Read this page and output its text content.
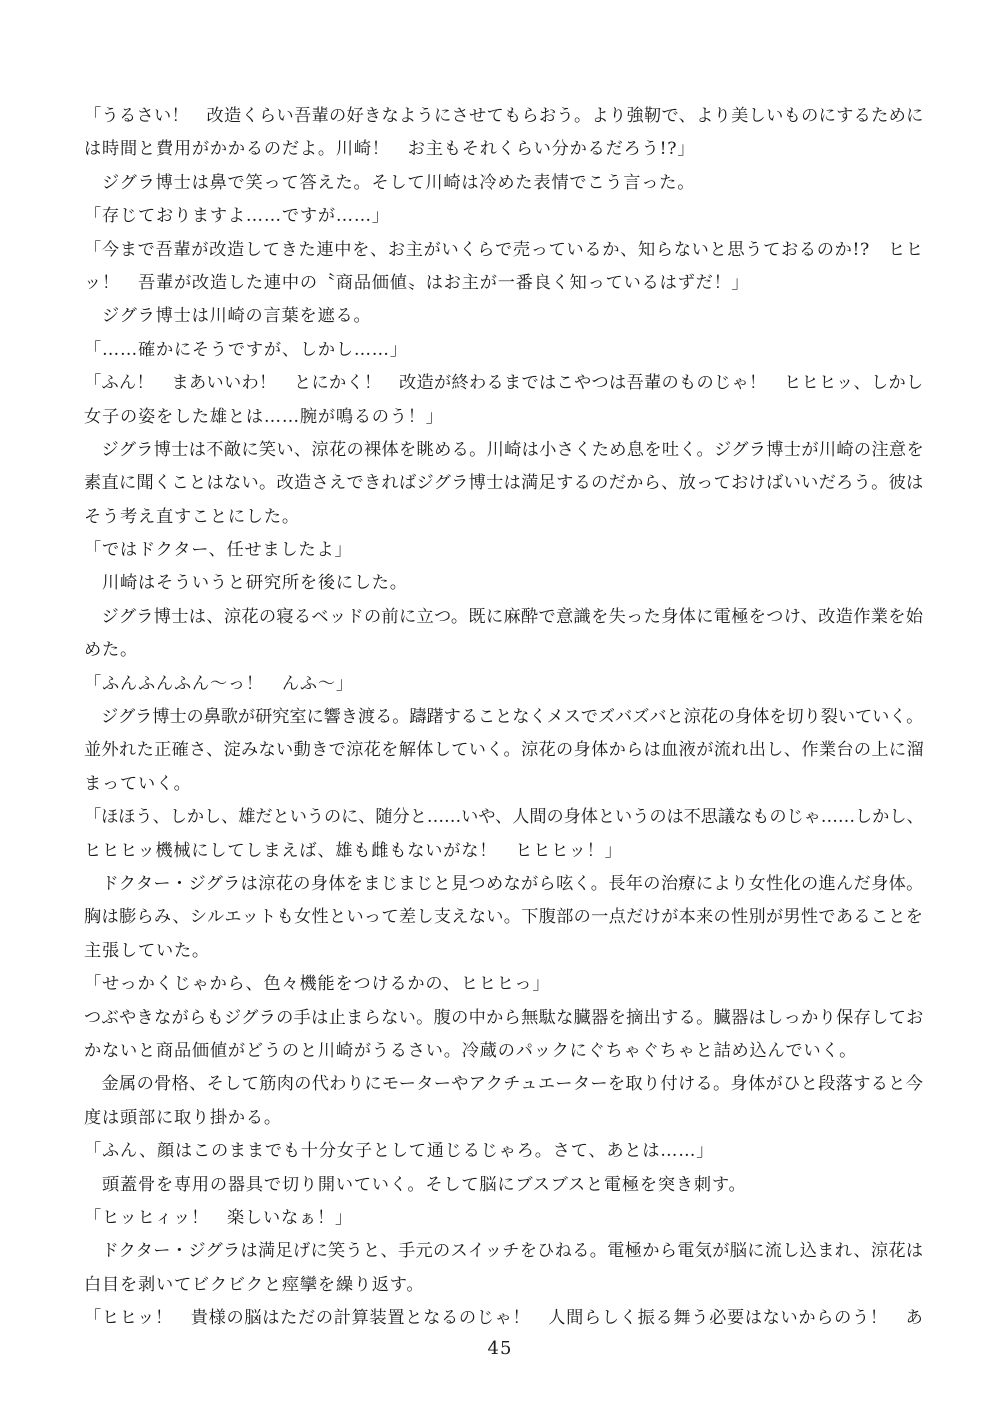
「うるさい！　改造くらい吾輩の好きなようにさせてもらおう。より強靭で、より美しいものにするために
は時間と費用がかかるのだよ。川崎！　お主もそれくらい分かるだろう!?」
　ジグラ博士は鼻で笑って答えた。そして川崎は冷めた表情でこう言った。
「存じておりますよ……ですが……」
「今まで吾輩が改造してきた連中を、お主がいくらで売っているか、知らないと思うておるのか!?　ヒヒ
ッ！　吾輩が改造した連中の〝商品価値〟はお主が一番良く知っているはずだ！」
　ジグラ博士は川崎の言葉を遮る。
「……確かにそうですが、しかし……」
「ふん！　まあいいわ！　とにかく！　改造が終わるまではこやつは吾輩のものじゃ！　ヒヒヒッ、しかし
女子の姿をした雄とは……腕が鳴るのう！」
　ジグラ博士は不敵に笑い、涼花の裸体を眺める。川崎は小さくため息を吐く。ジグラ博士が川崎の注意を
素直に聞くことはない。改造さえできればジグラ博士は満足するのだから、放っておけばいいだろう。彼は
そう考え直すことにした。
「ではドクター、任せましたよ」
　川崎はそういうと研究所を後にした。
　ジグラ博士は、涼花の寝るベッドの前に立つ。既に麻酔で意識を失った身体に電極をつけ、改造作業を始
めた。
「ふんふんふん〜っ！　んふ〜」
　ジグラ博士の鼻歌が研究室に響き渡る。躊躇することなくメスでズバズバと涼花の身体を切り裂いていく。
並外れた正確さ、淀みない動きで涼花を解体していく。涼花の身体からは血液が流れ出し、作業台の上に溜
まっていく。
「ほほう、しかし、雄だというのに、随分と……いや、人間の身体というのは不思議なものじゃ……しかし、
ヒヒヒッ機械にしてしまえば、雄も雌もないがな！　ヒヒヒッ！」
　ドクター・ジグラは涼花の身体をまじまじと見つめながら呟く。長年の治療により女性化の進んだ身体。
胸は膨らみ、シルエットも女性といって差し支えない。下腹部の一点だけが本来の性別が男性であることを
主張していた。
「せっかくじゃから、色々機能をつけるかの、ヒヒヒっ」
つぶやきながらもジグラの手は止まらない。腹の中から無駄な臓器を摘出する。臓器はしっかり保存してお
かないと商品価値がどうのと川崎がうるさい。冷蔵のパックにぐちゃぐちゃと詰め込んでいく。
　金属の骨格、そして筋肉の代わりにモーターやアクチュエーターを取り付ける。身体がひと段落すると今
度は頭部に取り掛かる。
「ふん、顔はこのままでも十分女子として通じるじゃろ。さて、あとは……」
　頭蓋骨を専用の器具で切り開いていく。そして脳にブスブスと電極を突き刺す。
「ヒッヒィッ！　楽しいなぁ！」
　ドクター・ジグラは満足げに笑うと、手元のスイッチをひねる。電極から電気が脳に流し込まれ、涼花は
白目を剥いてビクビクと痙攣を繰り返す。
「ヒヒッ！　貴様の脳はただの計算装置となるのじゃ！　人間らしく振る舞う必要はないからのう！　あ
45
